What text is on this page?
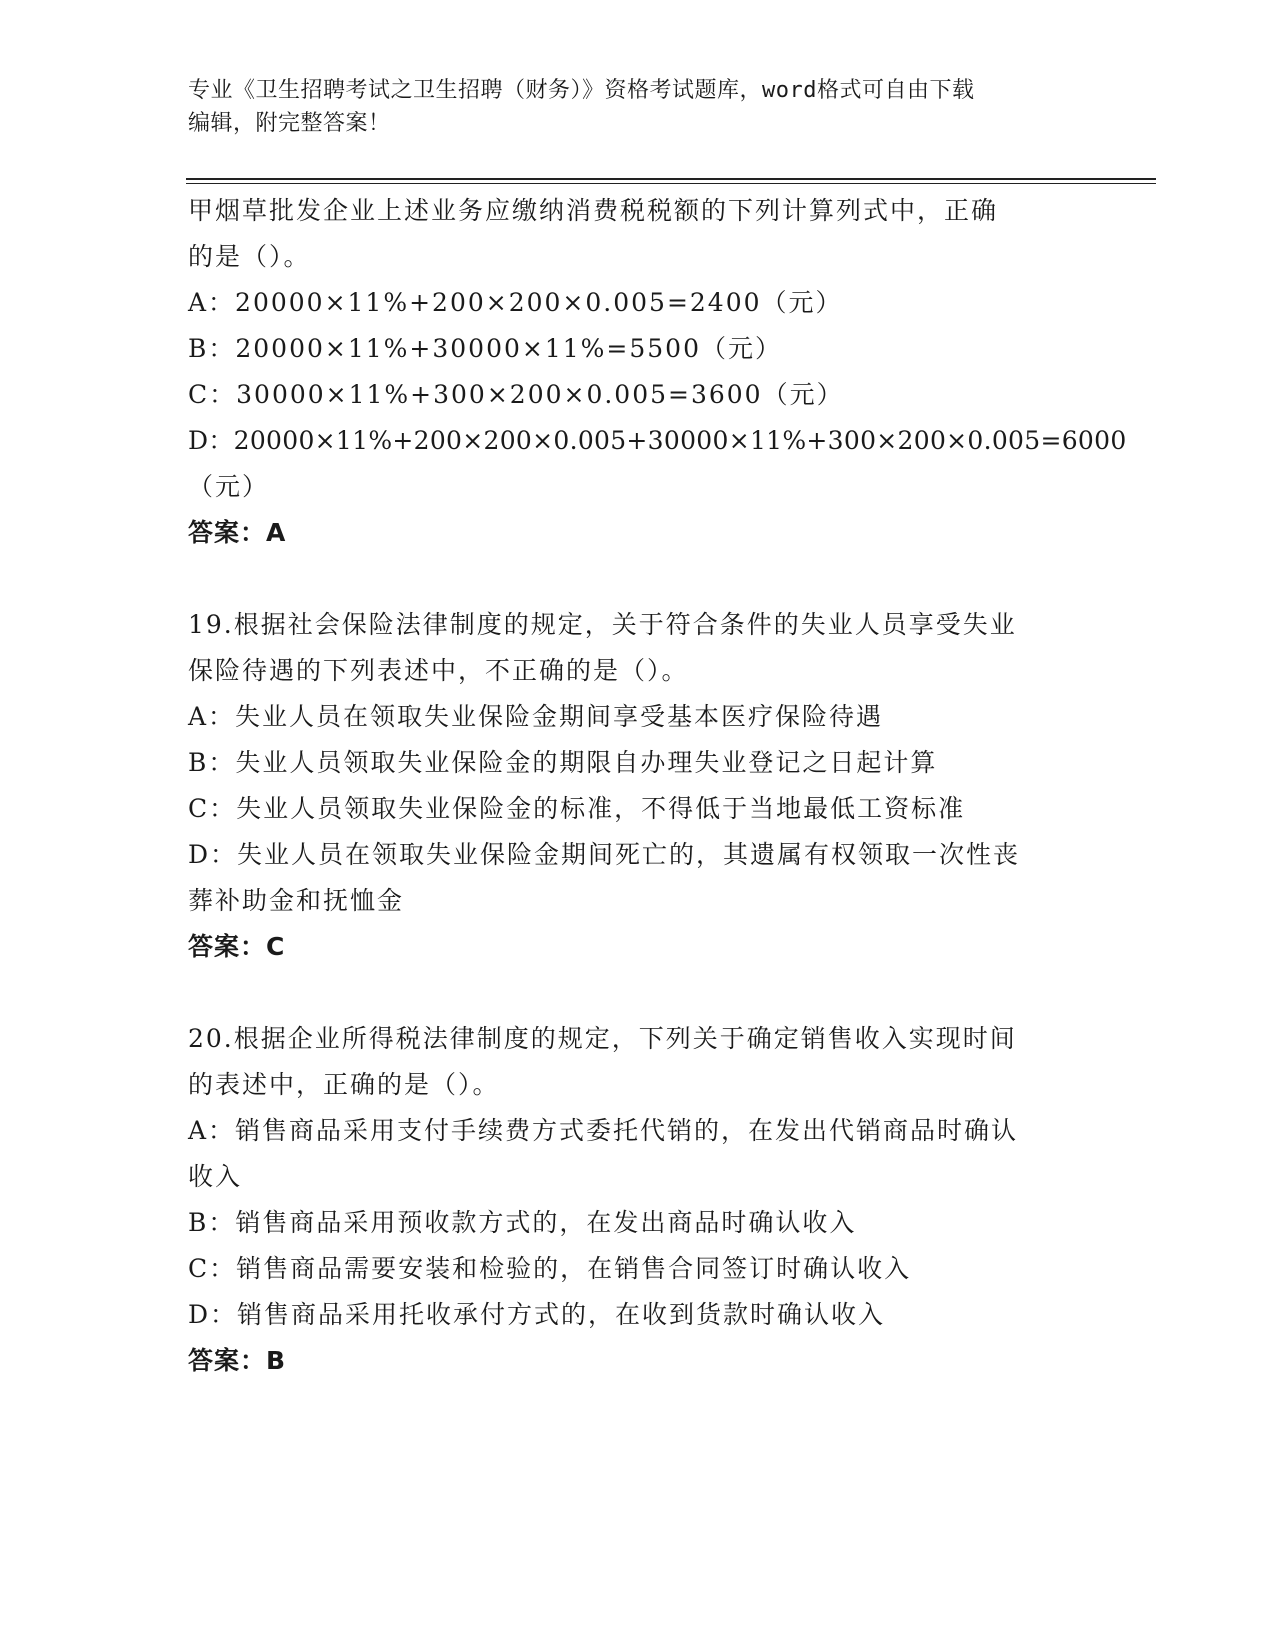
专业《卫生招聘考试之卫生招聘（财务）》资格考试题库，word格式可自由下载
编辑，附完整答案！
甲烟草批发企业上述业务应缴纳消费税税额的下列计算列式中，正确
的是（）。
A：20000×11%+200×200×0.005=2400（元）
B：20000×11%+30000×11%=5500（元）
C：30000×11%+300×200×0.005=3600（元）
D：20000×11%+200×200×0.005+30000×11%+300×200×0.005=6000
（元）
答案：A
19.根据社会保险法律制度的规定，关于符合条件的失业人员享受失业
保险待遇的下列表述中，不正确的是（）。
A：失业人员在领取失业保险金期间享受基本医疗保险待遇
B：失业人员领取失业保险金的期限自办理失业登记之日起计算
C：失业人员领取失业保险金的标准，不得低于当地最低工资标准
D：失业人员在领取失业保险金期间死亡的，其遗属有权领取一次性丧
葬补助金和抚恤金
答案：C
20.根据企业所得税法律制度的规定，下列关于确定销售收入实现时间
的表述中，正确的是（）。
A：销售商品采用支付手续费方式委托代销的，在发出代销商品时确认
收入
B：销售商品采用预收款方式的，在发出商品时确认收入
C：销售商品需要安装和检验的，在销售合同签订时确认收入
D：销售商品采用托收承付方式的，在收到货款时确认收入
答案：B
